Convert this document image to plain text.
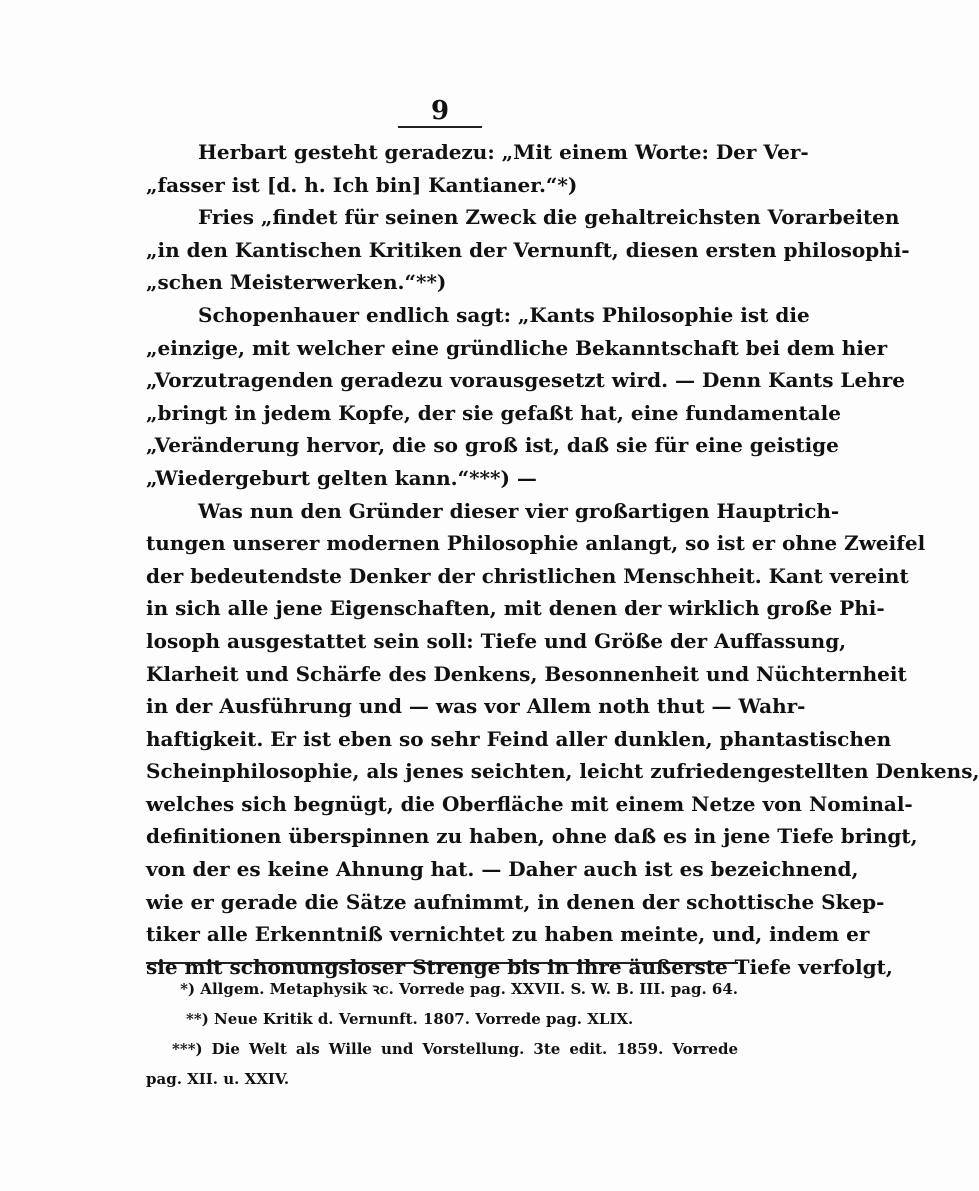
9
Herbart gesteht geradezu: „Mit einem Worte: Der Ver-
„fasser ist [d. h. Ich bin] Kantianer.“*)
Fries „findet für seinen Zweck die gehaltreichsten Vorarbeiten
„in den Kantischen Kritiken der Vernunft, diesen ersten philosophi-
„schen Meisterwerken.“**)
Schopenhauer endlich sagt: „Kants Philosophie ist die
„einzige, mit welcher eine gründliche Bekanntschaft bei dem hier
„Vorzutragenden geradezu vorausgesetzt wird. — Denn Kants Lehre
„bringt in jedem Kopfe, der sie gefaßt hat, eine fundamentale
„Veränderung hervor, die so groß ist, daß sie für eine geistige
„Wiedergeburt gelten kann.“***) —
Was nun den Gründer dieser vier großartigen Hauptrich-
tungen unserer modernen Philosophie anlangt, so ist er ohne Zweifel
der bedeutendste Denker der christlichen Menschheit. Kant vereint
in sich alle jene Eigenschaften, mit denen der wirklich große Phi-
losoph ausgestattet sein soll: Tiefe und Größe der Auffassung,
Klarheit und Schärfe des Denkens, Besonnenheit und Nüchternheit
in der Ausführung und — was vor Allem noth thut — Wahr-
haftigkeit. Er ist eben so sehr Feind aller dunklen, phantastischen
Scheinphilosophie, als jenes seichten, leicht zufriedengestellten Denkens,
welches sich begnügt, die Oberfläche mit einem Netze von Nominal-
definitionen überspinnen zu haben, ohne daß es in jene Tiefe bringt,
von der es keine Ahnung hat. — Daher auch ist es bezeichnend,
wie er gerade die Sätze aufnimmt, in denen der schottische Skep-
tiker alle Erkenntniß vernichtet zu haben meinte, und, indem er
sie mit schonungsloser Strenge bis in ihre äußerste Tiefe verfolgt,
*) Allgem. Metaphysik ꝛc. Vorrede pag. XXVII. S. W. B. III. pag. 64.
**) Neue Kritik d. Vernunft. 1807. Vorrede pag. XLIX.
***) Die Welt als Wille und Vorstellung. 3te edit. 1859. Vorrede
pag. XII. u. XXIV.
